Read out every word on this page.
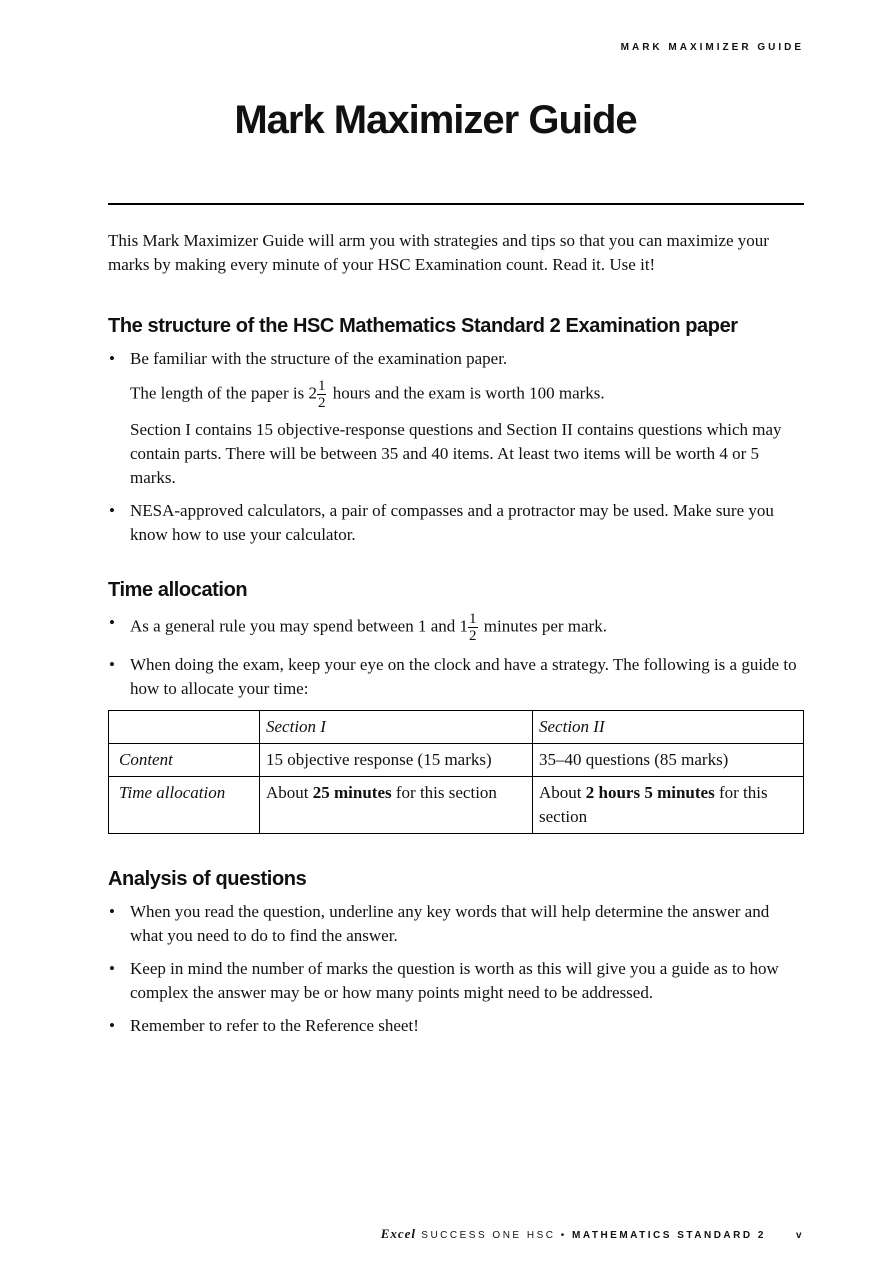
MARK MAXIMIZER GUIDE
Mark Maximizer Guide

This Mark Maximizer Guide will arm you with strategies and tips so that you can maximize your marks by making every minute of your HSC Examination count. Read it. Use it!

The structure of the HSC Mathematics Standard 2 Examination paper
• Be familiar with the structure of the examination paper.
The length of the paper is $2 \frac{1}{2}$ hours and the exam is worth 100 marks.
Section I contains 15 objective-response questions and Section II contains questions which may contain parts. There will be between 35 and 40 items. At least two items will be worth 4 or 5 marks.
• NESA-approved calculators, a pair of compasses and a protractor may be used. Make sure you know how to use your calculator.
Time allocation
• As a general rule you may spend between 1 and $1 \frac{1}{2}$ minutes per mark.
• When doing the exam, keep your eye on the clock and have a strategy. The following is a guide to how to allocate your time:
	Section I	Section II
Content	15 objective response (15 marks)	35–40 questions (85 marks)
Time allocation	About 25 minutes for this section	About 2 hours 5 minutes for this section
Analysis of questions
• When you read the question, underline any key words that will help determine the answer and what you need to do to find the answer.
• Keep in mind the number of marks the question is worth as this will give you a guide as to how complex the answer may be or how many points might need to be addressed.
• Remember to refer to the Reference sheet!
Excel SUCCESS ONE HSC • MATHEMATICS STANDARD 2	v
